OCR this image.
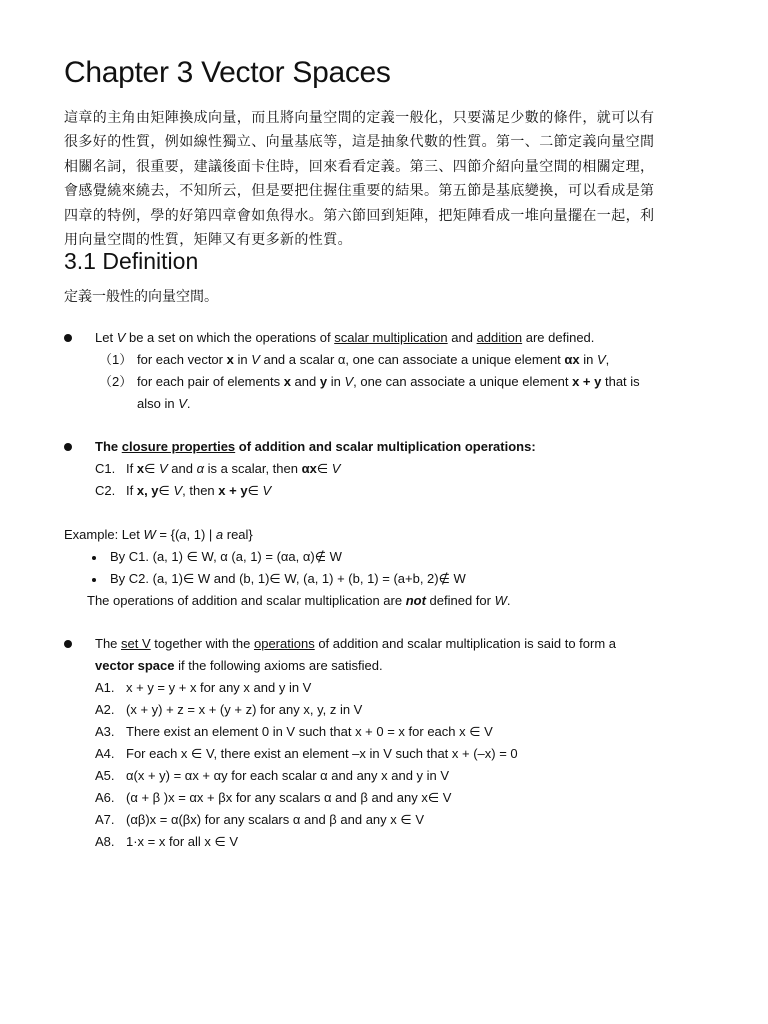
Chapter 3 Vector Spaces
這章的主角由矩陣換成向量，而且將向量空間的定義一般化，只要滿足少數的條件，就可以有
很多好的性質，例如線性獨立、向量基底等，這是抽象代數的性質。第一、二節定義向量空間
相關名詞，很重要，建議後面卡住時，回來看看定義。第三、四節介紹向量空間的相關定理，
會感覺繞來繞去，不知所云，但是要把住握住重要的結果。第五節是基底變換，可以看成是第
四章的特例，學的好第四章會如魚得水。第六節回到矩陣，把矩陣看成一堆向量擺在一起，利
用向量空間的性質，矩陣又有更多新的性質。
3.1 Definition
定義一般性的向量空間。
Let V be a set on which the operations of scalar multiplication and addition are defined.
（1） for each vector x in V and a scalar α, one can associate a unique element αx in V,
（2） for each pair of elements x and y in V, one can associate a unique element x + y that is
also in V.
The closure properties of addition and scalar multiplication operations:
C1. If x∈ V and α is a scalar, then αx∈ V
C2. If x, y∈ V, then x + y∈ V
Example: Let W = {(a, 1) | a real}
By C1. (a, 1) ∈ W, α (a, 1) = (αa, α)∉ W
By C2. (a, 1)∈ W and (b, 1)∈ W, (a, 1) + (b, 1) = (a+b, 2)∉ W
The operations of addition and scalar multiplication are not defined for W.
The set V together with the operations of addition and scalar multiplication is said to form a
vector space if the following axioms are satisfied.
A1. x + y = y + x for any x and y in V
A2. (x + y) + z = x + (y + z) for any x, y, z in V
A3. There exist an element 0 in V such that x + 0 = x for each x ∈ V
A4. For each x ∈ V, there exist an element –x in V such that x + (–x) = 0
A5. α(x + y) = αx + αy for each scalar α and any x and y in V
A6. (α + β )x = αx + βx for any scalars α and β and any x∈ V
A7. (αβ)x = α(βx) for any scalars α and β and any x ∈ V
A8. 1·x = x for all x ∈ V
